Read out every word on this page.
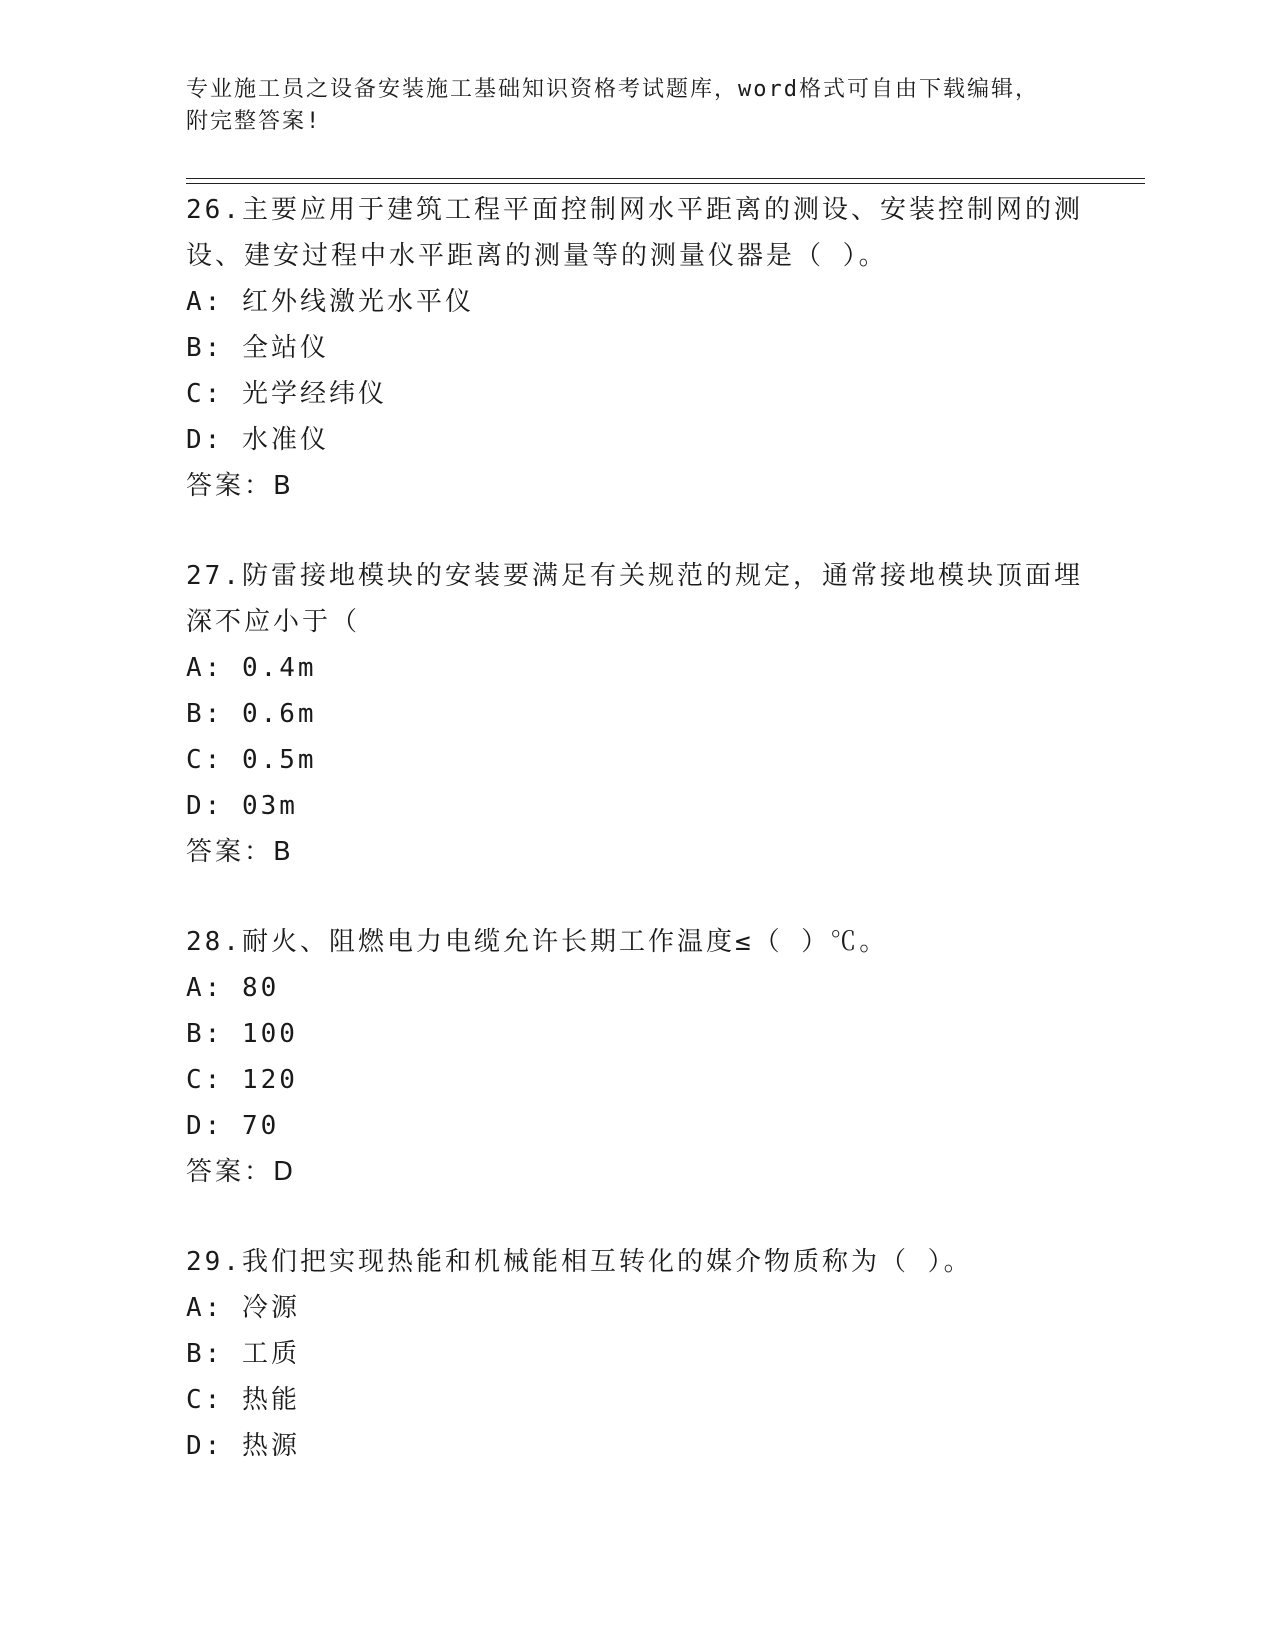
专业施工员之设备安装施工基础知识资格考试题库，word格式可自由下载编辑，
附完整答案!

26.主要应用于建筑工程平面控制网水平距离的测设、安装控制网的测

设、建安过程中水平距离的测量等的测量仪器是（ ）。

A: 红外线激光水平仪

B: 全站仪

C: 光学经纬仪

D: 水准仪

答案：B

27.防雷接地模块的安装要满足有关规范的规定，通常接地模块顶面埋

深不应小于（

A: 0.4m

B: 0.6m

C: 0.5m

D: 03m

答案：B

28.耐火、阻燃电力电缆允许长期工作温度≤（ ）℃。

A: 80

B: 100

C: 120

D: 70

答案：D

29.我们把实现热能和机械能相互转化的媒介物质称为（ ）。

A: 冷源

B: 工质

C: 热能

D: 热源
